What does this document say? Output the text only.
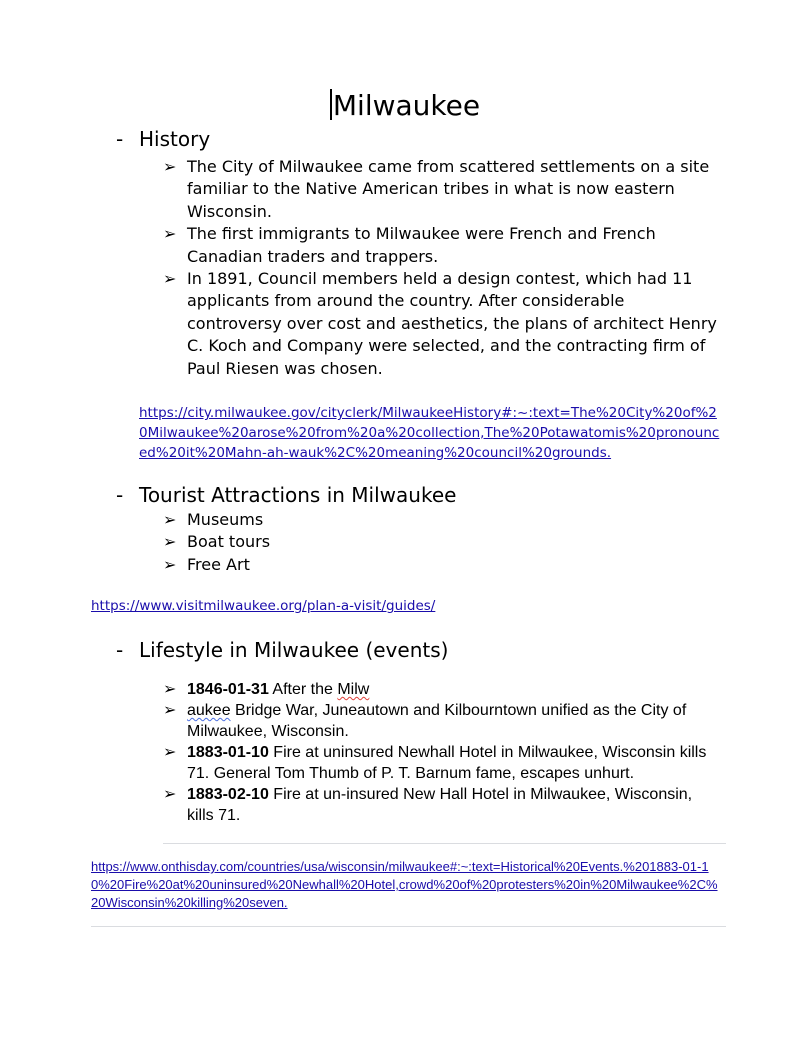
Milwaukee
- History
➢ The City of Milwaukee came from scattered settlements on a site familiar to the Native American tribes in what is now eastern Wisconsin.
➢ The first immigrants to Milwaukee were French and French Canadian traders and trappers.
➢ In 1891, Council members held a design contest, which had 11 applicants from around the country. After considerable controversy over cost and aesthetics, the plans of architect Henry C. Koch and Company were selected, and the contracting firm of Paul Riesen was chosen.
https://city.milwaukee.gov/cityclerk/MilwaukeeHistory#:~:text=The%20City%20of%20Milwaukee%20arose%20from%20a%20collection,The%20Potawatomis%20pronounced%20it%20Mahn-ah-wauk%2C%20meaning%20council%20grounds.
- Tourist Attractions in Milwaukee
➢ Museums
➢ Boat tours
➢ Free Art
https://www.visitmilwaukee.org/plan-a-visit/guides/
- Lifestyle in Milwaukee (events)
➢ 1846-01-31 After the Milw
➢ aukee Bridge War, Juneautown and Kilbourntown unified as the City of Milwaukee, Wisconsin.
➢ 1883-01-10 Fire at uninsured Newhall Hotel in Milwaukee, Wisconsin kills 71. General Tom Thumb of P. T. Barnum fame, escapes unhurt.
➢ 1883-02-10 Fire at un-insured New Hall Hotel in Milwaukee, Wisconsin, kills 71.
https://www.onthisday.com/countries/usa/wisconsin/milwaukee#:~:text=Historical%20Events.%201883-01-10%20Fire%20at%20uninsured%20Newhall%20Hotel,crowd%20of%20protesters%20in%20Milwaukee%2C%20Wisconsin%20killing%20seven.
